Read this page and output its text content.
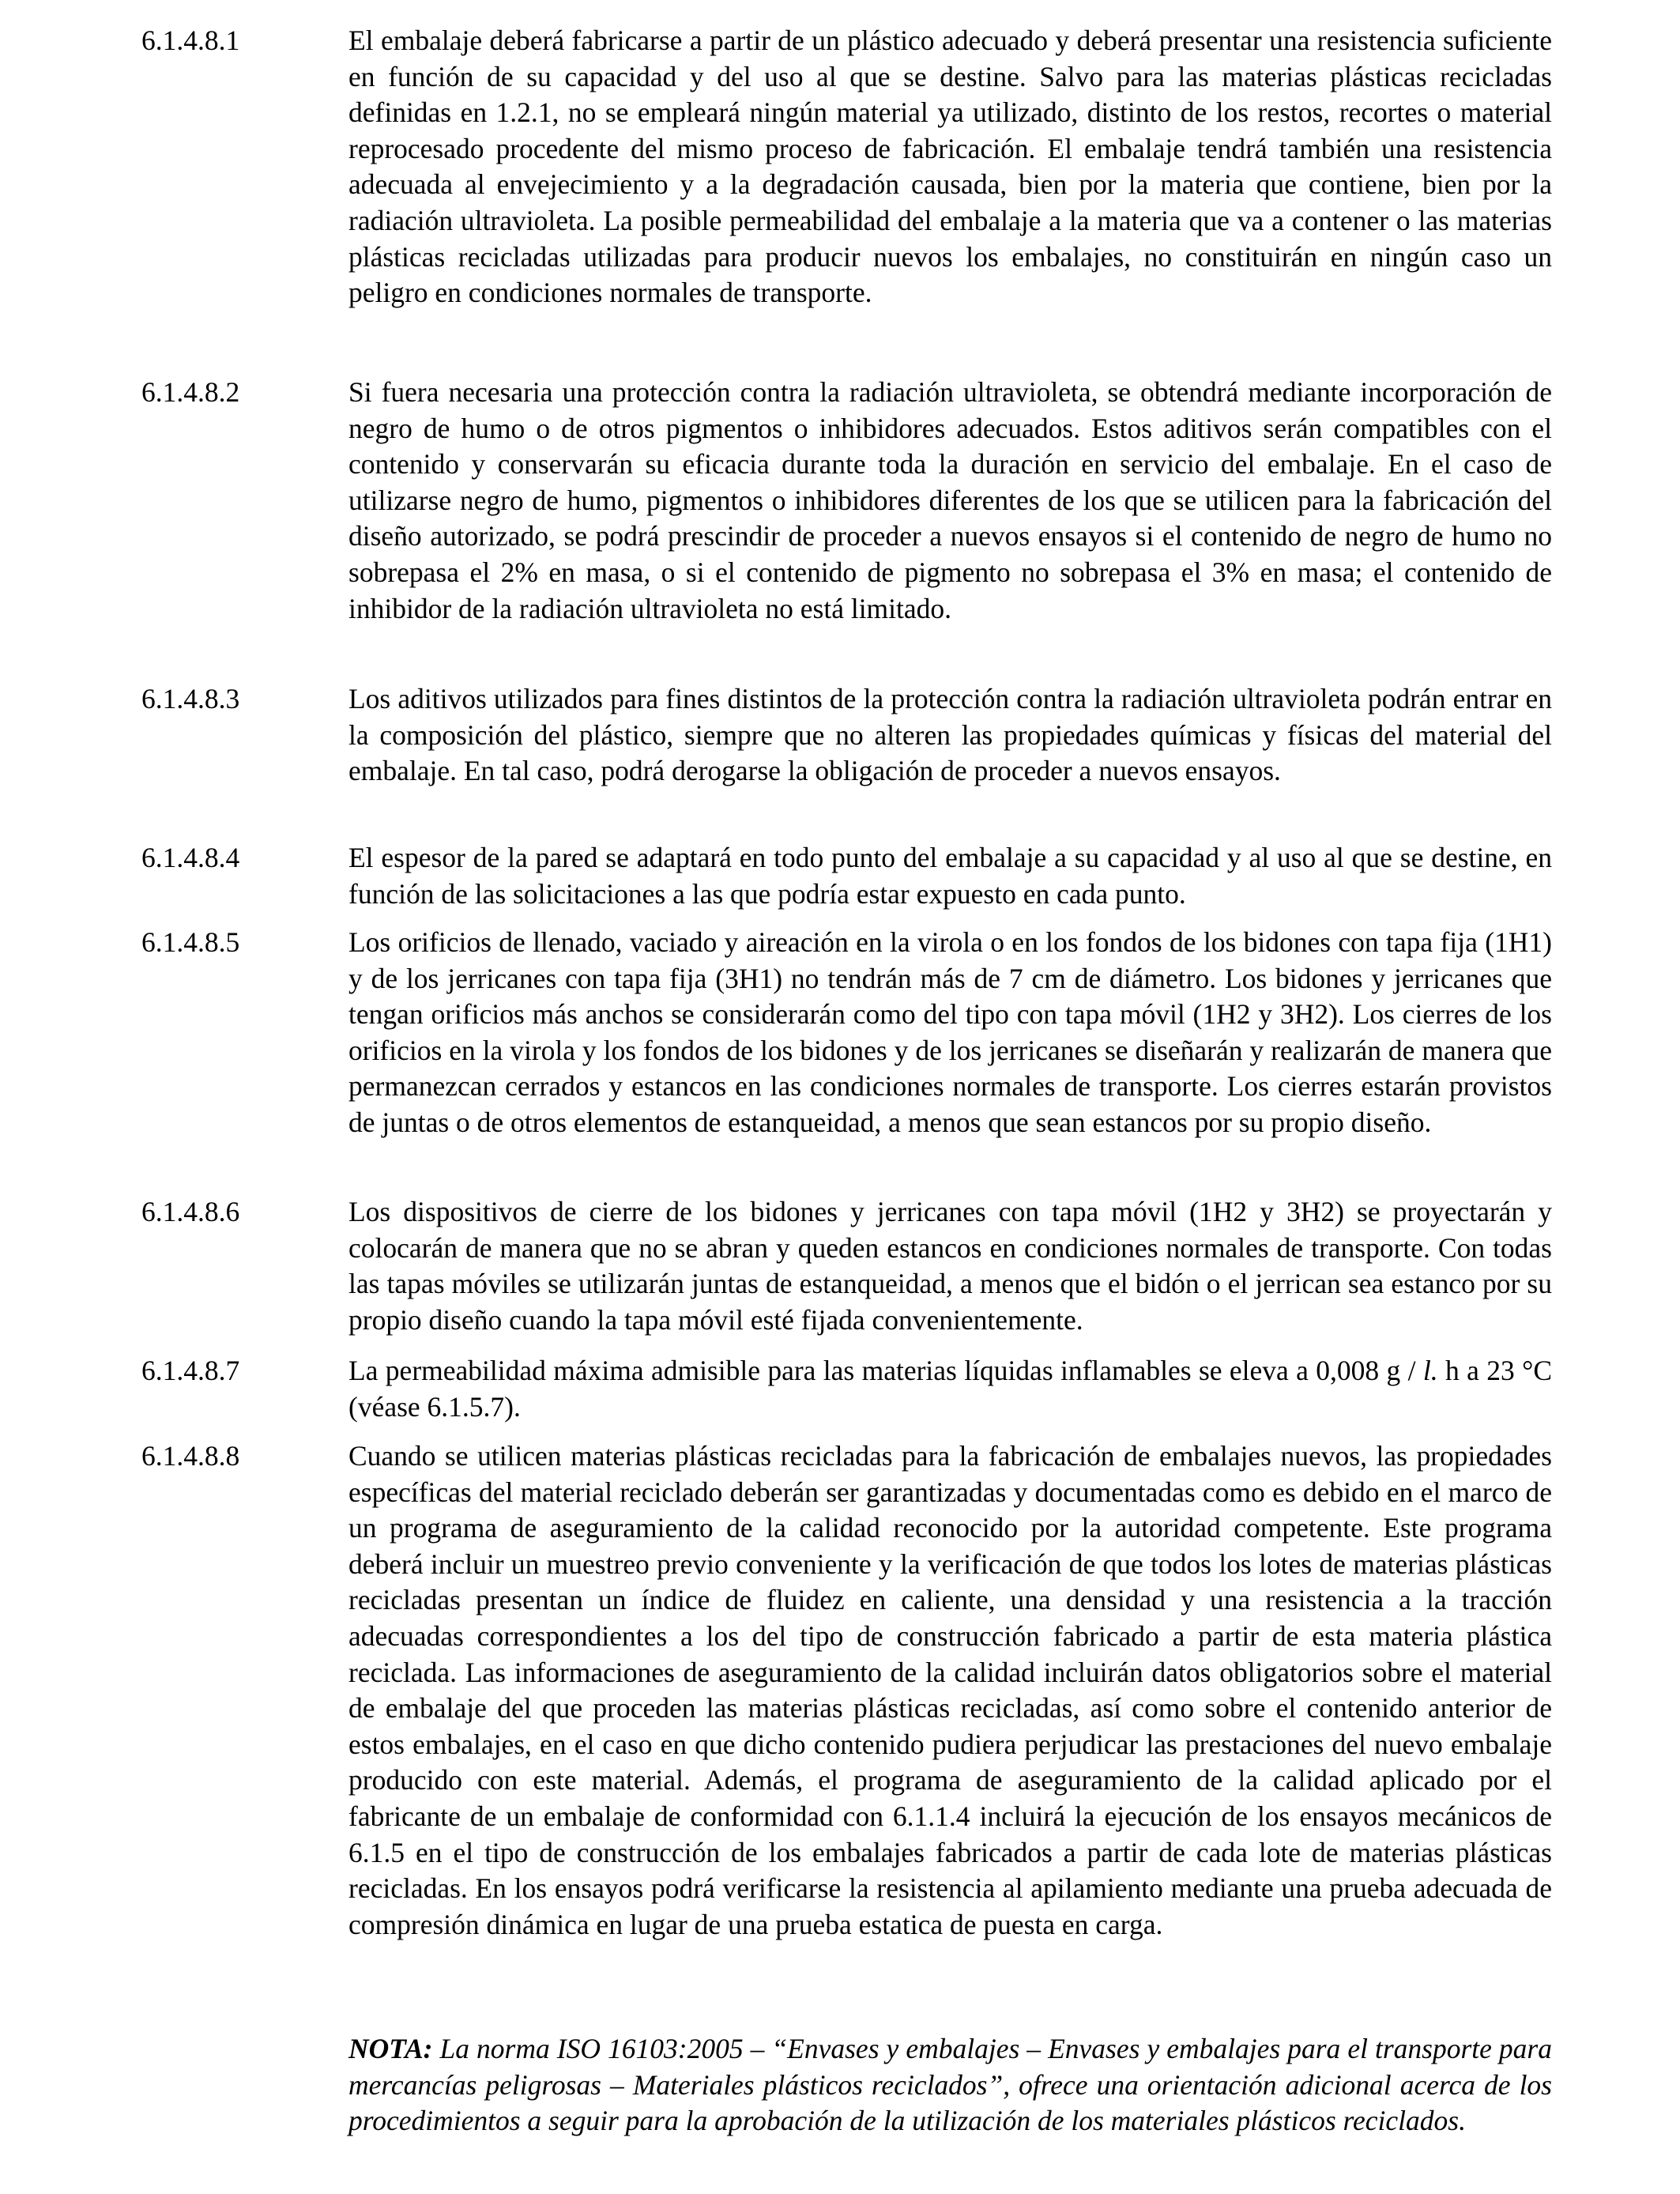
6.1.4.8.1	El embalaje deberá fabricarse a partir de un plástico adecuado y deberá presentar una resistencia suficiente en función de su capacidad y del uso al que se destine. Salvo para las materias plásticas recicladas definidas en 1.2.1, no se empleará ningún material ya utilizado, distinto de los restos, recortes o material reprocesado procedente del mismo proceso de fabricación. El embalaje tendrá también una resistencia adecuada al envejecimiento y a la degradación causada, bien por la materia que contiene, bien por la radiación ultravioleta. La posible permeabilidad del embalaje a la materia que va a contener o las materias plásticas recicladas utilizadas para producir nuevos los embalajes, no constituirán en ningún caso un peligro en condiciones normales de transporte.
6.1.4.8.2	Si fuera necesaria una protección contra la radiación ultravioleta, se obtendrá mediante incorporación de negro de humo o de otros pigmentos o inhibidores adecuados. Estos aditivos serán compatibles con el contenido y conservarán su eficacia durante toda la duración en servicio del embalaje. En el caso de utilizarse negro de humo, pigmentos o inhibidores diferentes de los que se utilicen para la fabricación del diseño autorizado, se podrá prescindir de proceder a nuevos ensayos si el contenido de negro de humo no sobrepasa el 2% en masa, o si el contenido de pigmento no sobrepasa el 3% en masa; el contenido de inhibidor de la radiación ultravioleta no está limitado.
6.1.4.8.3	Los aditivos utilizados para fines distintos de la protección contra la radiación ultravioleta podrán entrar en la composición del plástico, siempre que no alteren las propiedades químicas y físicas del material del embalaje. En tal caso, podrá derogarse la obligación de proceder a nuevos ensayos.
6.1.4.8.4	El espesor de la pared se adaptará en todo punto del embalaje a su capacidad y al uso al que se destine, en función de las solicitaciones a las que podría estar expuesto en cada punto.
6.1.4.8.5	Los orificios de llenado, vaciado y aireación en la virola o en los fondos de los bidones con tapa fija (1H1) y de los jerricanes con tapa fija (3H1) no tendrán más de 7 cm de diámetro. Los bidones y jerricanes que tengan orificios más anchos se considerarán como del tipo con tapa móvil (1H2 y 3H2). Los cierres de los orificios en la virola y los fondos de los bidones y de los jerricanes se diseñarán y realizarán de manera que permanezcan cerrados y estancos en las condiciones normales de transporte. Los cierres estarán provistos de juntas o de otros elementos de estanqueidad, a menos que sean estancos por su propio diseño.
6.1.4.8.6	Los dispositivos de cierre de los bidones y jerricanes con tapa móvil (1H2 y 3H2) se proyectarán y colocarán de manera que no se abran y queden estancos en condiciones normales de transporte. Con todas las tapas móviles se utilizarán juntas de estanqueidad, a menos que el bidón o el jerrican sea estanco por su propio diseño cuando la tapa móvil esté fijada convenientemente.
6.1.4.8.7	La permeabilidad máxima admisible para las materias líquidas inflamables se eleva a 0,008 g / l. h a 23 °C (véase 6.1.5.7).
6.1.4.8.8	Cuando se utilicen materias plásticas recicladas para la fabricación de embalajes nuevos, las propiedades específicas del material reciclado deberán ser garantizadas y documentadas como es debido en el marco de un programa de aseguramiento de la calidad reconocido por la autoridad competente. Este programa deberá incluir un muestreo previo conveniente y la verificación de que todos los lotes de materias plásticas recicladas presentan un índice de fluidez en caliente, una densidad y una resistencia a la tracción adecuadas correspondientes a los del tipo de construcción fabricado a partir de esta materia plástica reciclada. Las informaciones de aseguramiento de la calidad incluirán datos obligatorios sobre el material de embalaje del que proceden las materias plásticas recicladas, así como sobre el contenido anterior de estos embalajes, en el caso en que dicho contenido pudiera perjudicar las prestaciones del nuevo embalaje producido con este material. Además, el programa de aseguramiento de la calidad aplicado por el fabricante de un embalaje de conformidad con 6.1.1.4 incluirá la ejecución de los ensayos mecánicos de 6.1.5 en el tipo de construcción de los embalajes fabricados a partir de cada lote de materias plásticas recicladas. En los ensayos podrá verificarse la resistencia al apilamiento mediante una prueba adecuada de compresión dinámica en lugar de una prueba estatica de puesta en carga.
NOTA: La norma ISO 16103:2005 – “Envases y embalajes – Envases y embalajes para el transporte para mercancías peligrosas – Materiales plásticos reciclados”, ofrece una orientación adicional acerca de los procedimientos a seguir para la aprobación de la utilización de los materiales plásticos reciclados.
